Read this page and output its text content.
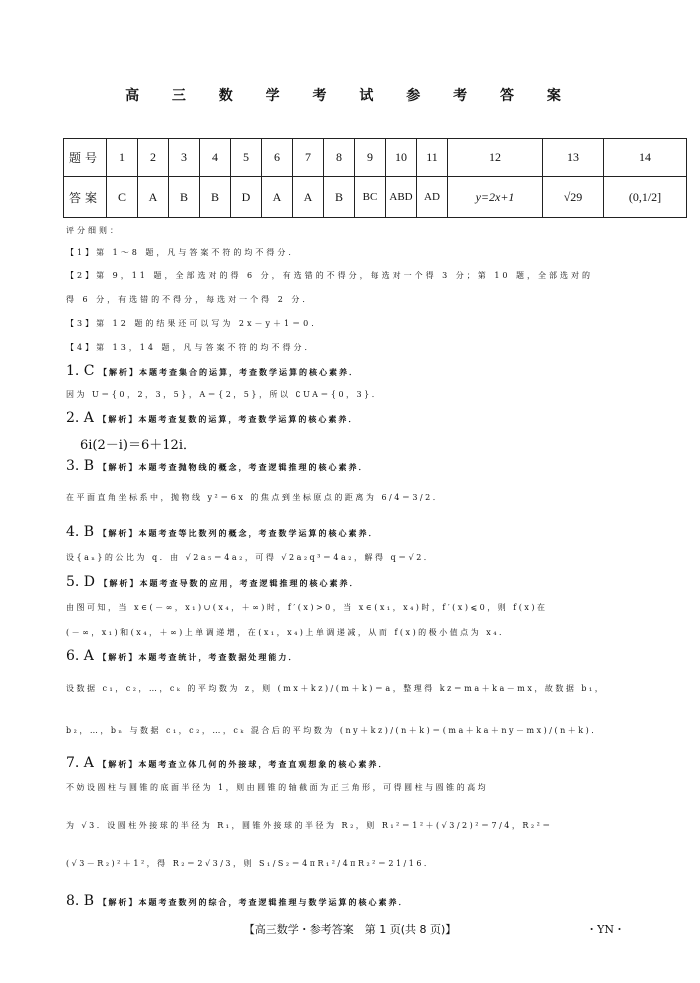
高 三 数 学 考 试 参 考 答 案
题号	1	2	3	4	5	6	7	8	9	10	11	12	13	14
答案	C	A	B	B	D	A	A	B	BC	ABD	AD	y=2x+1	√29	(0,1/2]
评分细则：
【1】第 1～8 题，凡与答案不符的均不得分．
【2】第 9，11 题，全部选对的得 6 分，有选错的不得分，每选对一个得 3 分；第 10 题，全部选对的
得 6 分，有选错的不得分，每选对一个得 2 分．
【3】第 12 题的结果还可以写为 2x－y＋1＝0．
【4】第 13，14 题，凡与答案不符的均不得分．
1. C 【解析】本题考查集合的运算，考查数学运算的核心素养．
因为 U＝{0，2，3，5}，A＝{2，5}，所以 ∁UA＝{0，3}．
2. A 【解析】本题考查复数的运算，考查数学运算的核心素养．
6i(2－i)＝6＋12i．
3. B 【解析】本题考查抛物线的概念，考查逻辑推理的核心素养．
在平面直角坐标系中，抛物线 y²＝6x 的焦点到坐标原点的距离为 6/4＝3/2．
4. B 【解析】本题考查等比数列的概念，考查数学运算的核心素养．
设{aₙ}的公比为 q．由 √2a₅＝4a₂，可得 √2a₂q³＝4a₂，解得 q＝√2．
5. D 【解析】本题考查导数的应用，考查逻辑推理的核心素养．
由图可知，当 x∈(－∞，x₁)∪(x₄，＋∞)时，f′(x)>0，当 x∈(x₁，x₄)时，f′(x)⩽0，则 f(x)在
(－∞，x₁)和(x₄，＋∞)上单调递增，在(x₁，x₄)上单调递减，从而 f(x)的极小值点为 x₄．
6. A 【解析】本题考查统计，考查数据处理能力．
设数据 c₁，c₂，…，cₖ 的平均数为 z，则 (mx＋kz)/(m＋k)＝a，整理得 kz＝ma＋ka－mx，故数据 b₁，
b₂，…，bₙ 与数据 c₁，c₂，…，cₖ 混合后的平均数为 (ny＋kz)/(n＋k)＝(ma＋ka＋ny－mx)/(n＋k)．
7. A 【解析】本题考查立体几何的外接球，考查直观想象的核心素养．
不妨设圆柱与圆锥的底面半径为 1，则由圆锥的轴截面为正三角形，可得圆柱与圆锥的高均
为 √3．设圆柱外接球的半径为 R₁，圆锥外接球的半径为 R₂，则 R₁²＝1²＋(√3/2)²＝7/4，R₂²＝
(√3－R₂)²＋1²，得 R₂＝2√3/3，则 S₁/S₂＝4πR₁²/4πR₂²＝21/16．
8. B 【解析】本题考查数列的综合，考查逻辑推理与数学运算的核心素养．
【高三数学・参考答案　第 1 页(共 8 页)】	・YN・
